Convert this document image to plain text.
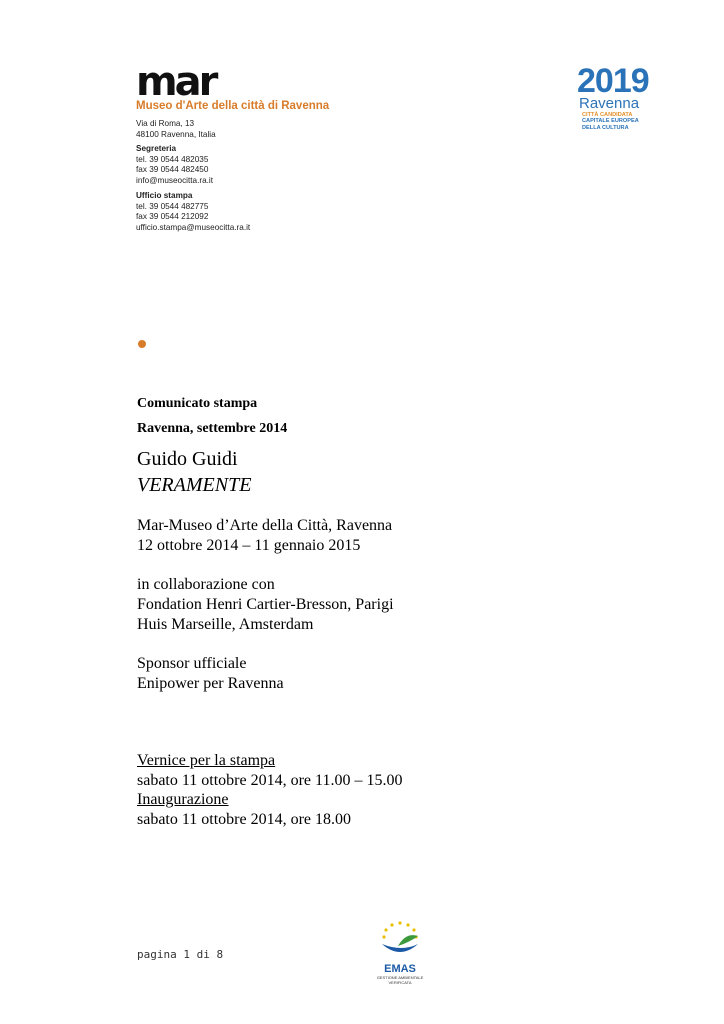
mar
Museo d'Arte della città di Ravenna
Via di Roma, 13
48100 Ravenna, Italia
Segreteria
tel. 39 0544 482035
fax 39 0544 482450
info@museocitta.ra.it
Ufficio stampa
tel. 39 0544 482775
fax 39 0544 212092
ufficio.stampa@museocitta.ra.it
2019
Ravenna
CITTÀ CANDIDATA
CAPITALE EUROPEA
DELLA CULTURA
Comunicato stampa
Ravenna, settembre 2014
Guido Guidi
VERAMENTE
Mar-Museo d’Arte della Città, Ravenna
12 ottobre 2014 – 11 gennaio 2015
in collaborazione con
Fondation Henri Cartier-Bresson, Parigi
Huis Marseille, Amsterdam
Sponsor ufficiale
Enipower per Ravenna
Vernice per la stampa
sabato 11 ottobre 2014, ore 11.00 – 15.00
Inaugurazione
sabato 11 ottobre 2014, ore 18.00
pagina 1 di 8
EMAS
GESTIONE AMBIENTALE
VERIFICATA
